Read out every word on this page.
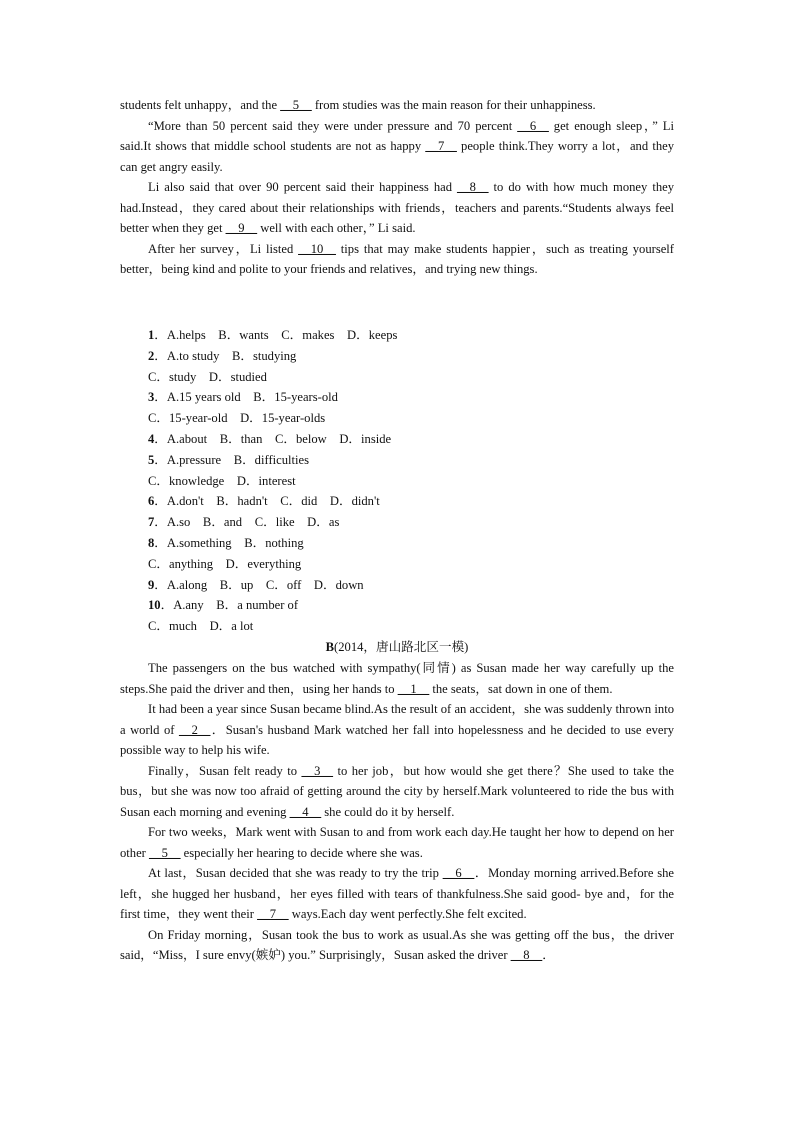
students felt unhappy，and the __5__ from studies was the main reason for their unhappiness.

“More than 50 percent said they were under pressure and 70 percent __6__ get enough sleep，” Li said.It shows that middle school students are not as happy __7__ people think.They worry a lot，and they can get angry easily.

Li also said that over 90 percent said their happiness had __8__ to do with how much money they had.Instead，they cared about their relationships with friends，teachers and parents.“Students always feel better when they get __9__ well with each other，” Li said.

After her survey，Li listed __10__ tips that may make students happier，such as treating yourself better，being kind and polite to your friends and relatives，and trying new things.

1．A.helps　B．wants　C．makes　D．keeps
2．A.to study　B．studying
C．study　D．studied
3．A.15 years old　B．15-years-old
C．15-year-old　D．15-year-olds
4．A.about　B．than　C．below　D．inside
5．A.pressure　B．difficulties
C．knowledge　D．interest
6．A.don't　B．hadn't　C．did　D．didn't
7．A.so　B．and　C．like　D．as
8．A.something　B．nothing
C．anything　D．everything
9．A.along　B．up　C．off　D．down
10．A.any　B．a number of
C．much　D．a lot
B(2014，唐山路北区一模)

The passengers on the bus watched with sympathy(同情) as Susan made her way carefully up the steps.She paid the driver and then，using her hands to __1__ the seats，sat down in one of them.

It had been a year since Susan became blind.As the result of an accident，she was suddenly thrown into a world of __2__．Susan's husband Mark watched her fall into hopelessness and he decided to use every possible way to help his wife.

Finally，Susan felt ready to __3__ to her job，but how would she get there？She used to take the bus，but she was now too afraid of getting around the city by herself.Mark volunteered to ride the bus with Susan each morning and evening __4__ she could do it by herself.

For two weeks，Mark went with Susan to and from work each day.He taught her how to depend on her other __5__ especially her hearing to decide where she was.

At last，Susan decided that she was ready to try the trip __6__．Monday morning arrived.Before she left，she hugged her husband，her eyes filled with tears of thankfulness.She said good- bye and，for the first time，they went their __7__ ways.Each day went perfectly.She felt excited.

On Friday morning，Susan took the bus to work as usual.As she was getting off the bus，the driver said，“Miss，I sure envy(嫉妒) you.” Surprisingly，Susan asked the driver __8__．
